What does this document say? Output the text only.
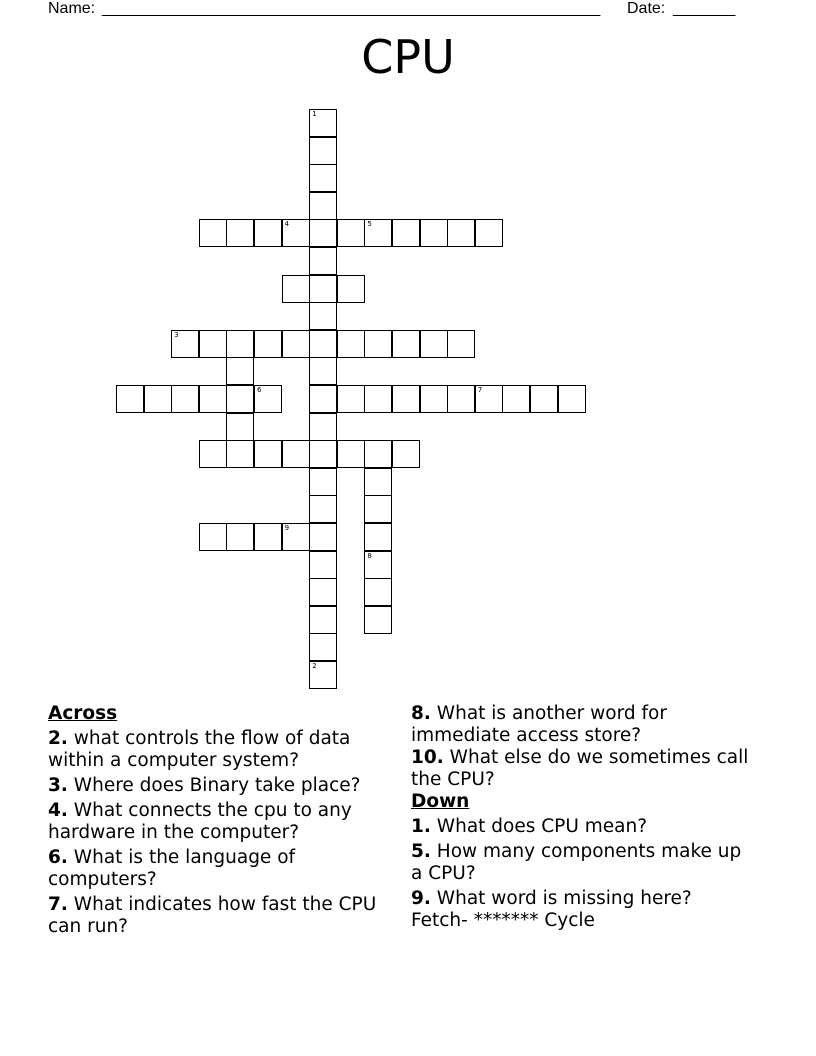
Name: ________________________________________________________ Date: _______
CPU
1
2
4	5
3
6	7
8
9
Across
2. what controls the flow of data within a computer system?
3. Where does Binary take place?
4. What connects the cpu to any hardware in the computer?
6. What is the language of computers?
7. What indicates how fast the CPU can run?
8. What is another word for immediate access store?
10. What else do we sometimes call the CPU?
Down
1. What does CPU mean?
5. How many components make up a CPU?
9. What word is missing here? Fetch- ******* Cycle
